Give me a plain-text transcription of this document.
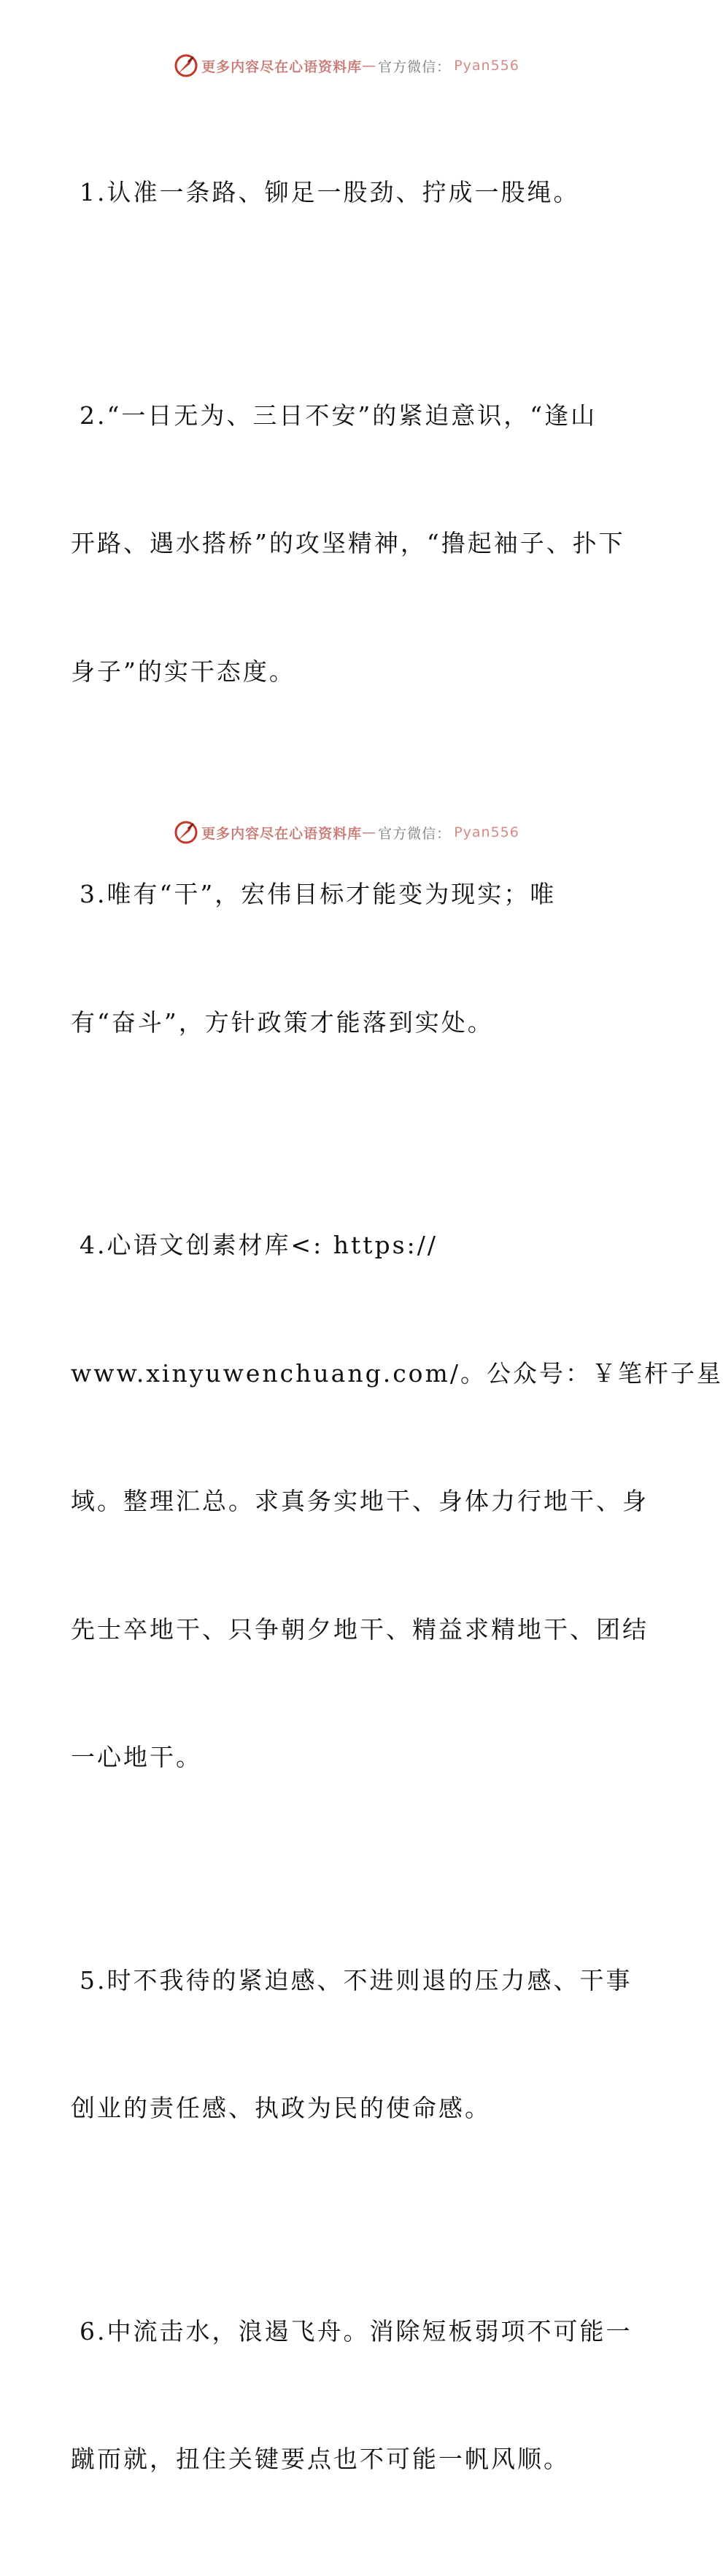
更多内容尽在心语资料库 — 官方微信： Pyan556

1.认准一条路、铆足一股劲、拧成一股绳。

2.“一日无为、三日不安”的紧迫意识，“逢山

开路、遇水搭桥”的攻坚精神，“撸起袖子、扑下

身子”的实干态度。

3.唯有“干”，宏伟目标才能变为现实；唯

有“奋斗”，方针政策才能落到实处。

4.心语文创素材库<: https://

www.xinyuwenchuang.com/。公众号：￥笔杆子星

域。整理汇总。求真务实地干、身体力行地干、身

先士卒地干、只争朝夕地干、精益求精地干、团结

一心地干。

5.时不我待的紧迫感、不进则退的压力感、干事

创业的责任感、执政为民的使命感。

6.中流击水，浪遏飞舟。消除短板弱项不可能一

蹴而就，扭住关键要点也不可能一帆风顺。

更多内容尽在心语资料库 — 官方微信： Pyan556
